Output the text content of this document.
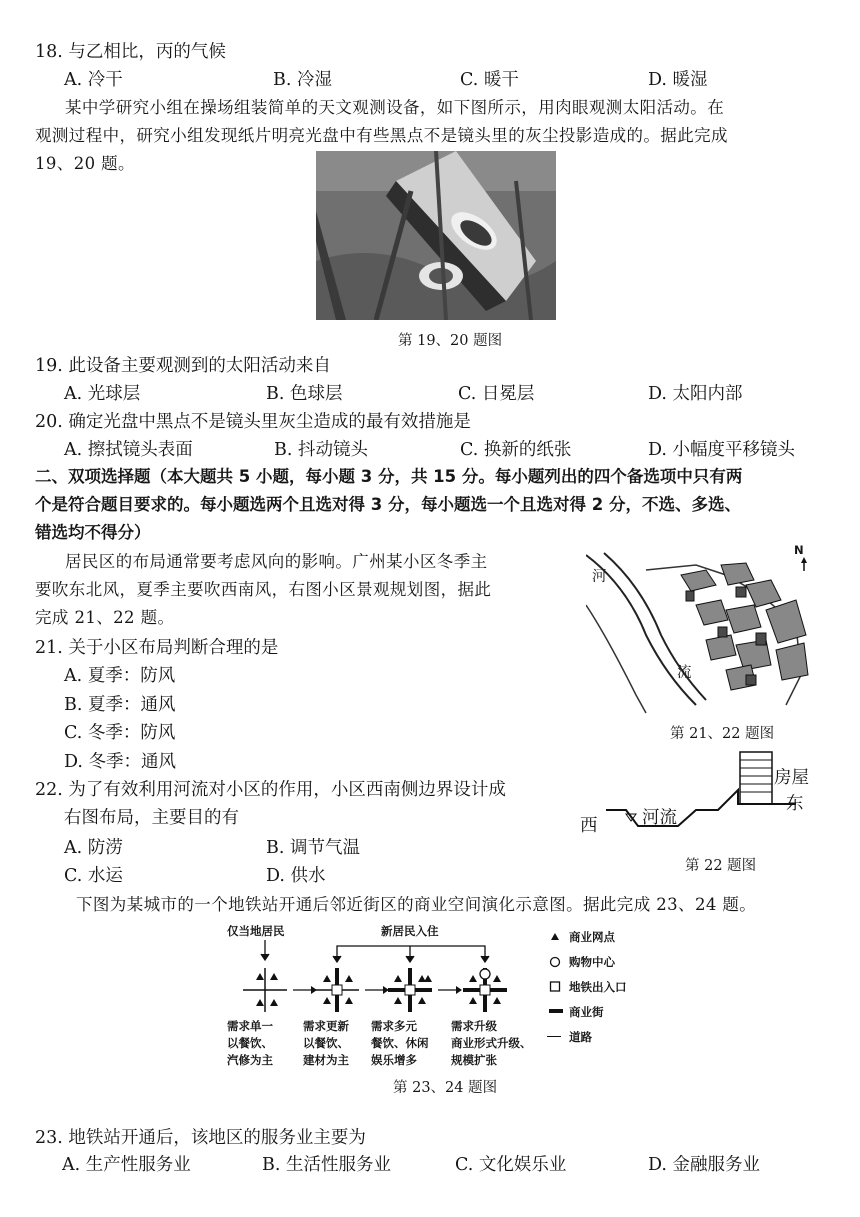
18. 与乙相比，丙的气候
A. 冷干	B. 冷湿	C. 暖干	D. 暖湿
某中学研究小组在操场组装简单的天文观测设备，如下图所示，用肉眼观测太阳活动。在
观测过程中，研究小组发现纸片明亮光盘中有些黑点不是镜头里的灰尘投影造成的。据此完成
19、20 题。
第 19、20 题图
19. 此设备主要观测到的太阳活动来自
A. 光球层	B. 色球层	C. 日冕层	D. 太阳内部
20. 确定光盘中黑点不是镜头里灰尘造成的最有效措施是
A. 擦拭镜头表面	B. 抖动镜头	C. 换新的纸张	D. 小幅度平移镜头
二、双项选择题（本大题共 5 小题，每小题 3 分，共 15 分。每小题列出的四个备选项中只有两
个是符合题目要求的。每小题选两个且选对得 3 分，每小题选一个且选对得 2 分，不选、多选、
错选均不得分）
居民区的布局通常要考虑风向的影响。广州某小区冬季主
要吹东北风，夏季主要吹西南风，右图小区景观规划图，据此
完成 21、22 题。
N
河
流
第 21、22 题图
21. 关于小区布局判断合理的是
A. 夏季：防风
B. 夏季：通风
C. 冬季：防风
D. 冬季：通风
22. 为了有效利用河流对小区的作用，小区西南侧边界设计成
右图布局，主要目的有
A. 防涝	B. 调节气温
C. 水运	D. 供水
房屋
东
西	河流
第 22 题图
下图为某城市的一个地铁站开通后邻近街区的商业空间演化示意图。据此完成 23、24 题。
仅当地居民	新居民入住
需求单一
以餐饮、
汽修为主
需求更新
以餐饮、
建材为主
需求多元
餐饮、休闲
娱乐增多
需求升级
商业形式升级、
规模扩张
商业网点
购物中心
地铁出入口
商业街
道路
第 23、24 题图
23. 地铁站开通后，该地区的服务业主要为
A. 生产性服务业	B. 生活性服务业	C. 文化娱乐业	D. 金融服务业
